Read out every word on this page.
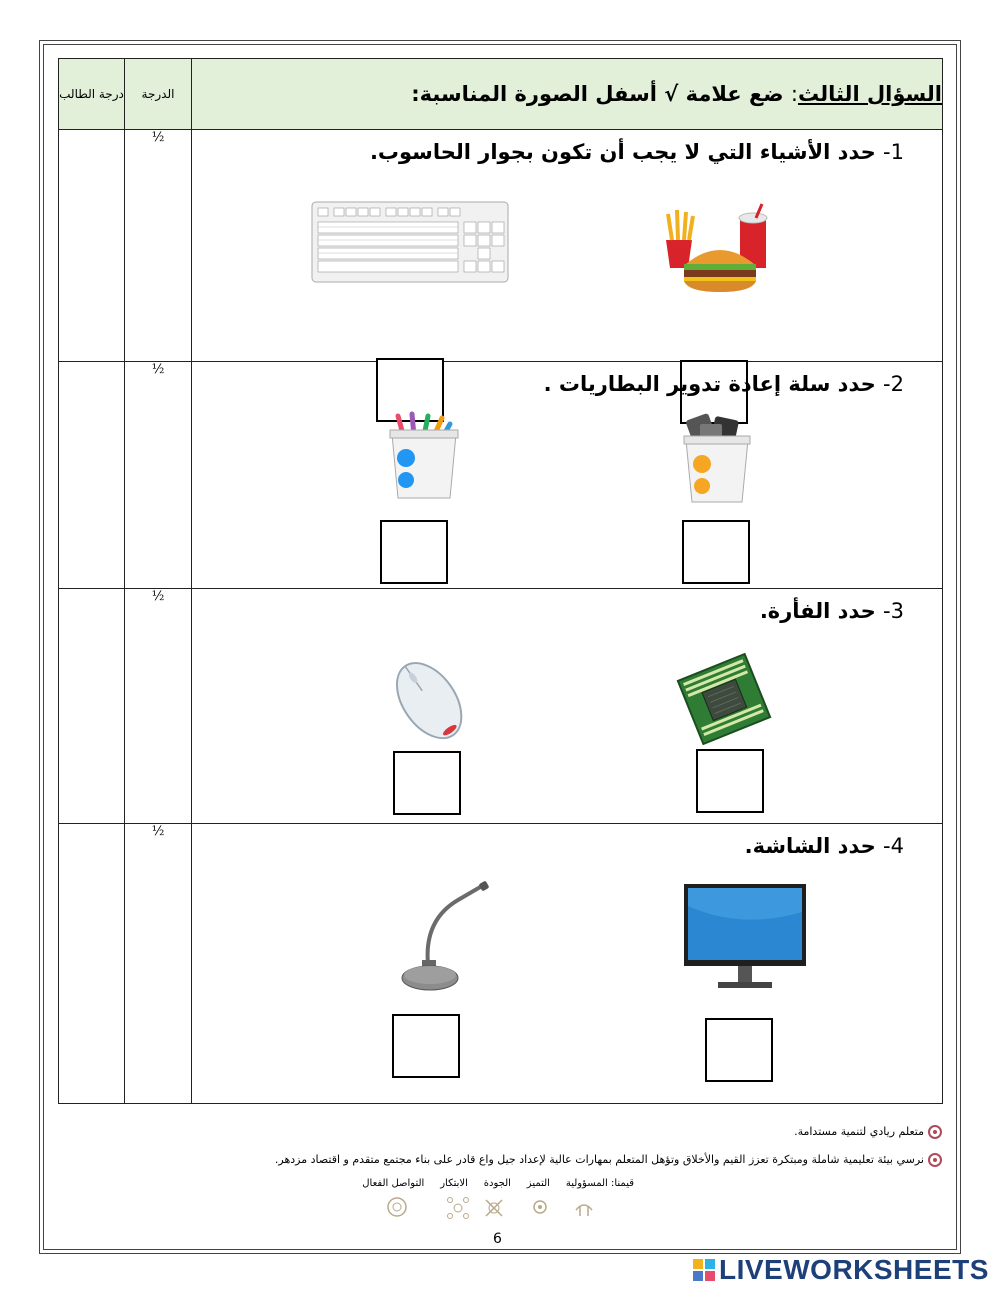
درجة الطالب	الدرجة	السؤال الثالث: ضع علامة √ أسفل الصورة المناسبة:
	½	1- حدد الأشياء التي لا يجب أن تكون بجوار الحاسوب.

	½	2- حدد سلة إعادة تدوير البطاريات .

	½	3- حدد الفأرة.

	½	4- حدد الشاشة.
متعلم ريادي لتنمية مستدامة.
نرسي بيئة تعليمية شاملة ومبتكرة تعزز القيم والأخلاق وتؤهل المتعلم بمهارات عالية لإعداد جيل واع قادر على بناء مجتمع متقدم و اقتصاد مزدهر.
قيمنا: المسؤولية     التميز     الجودة     الابتكار     التواصل الفعال
6
LIVEWORKSHEETS
